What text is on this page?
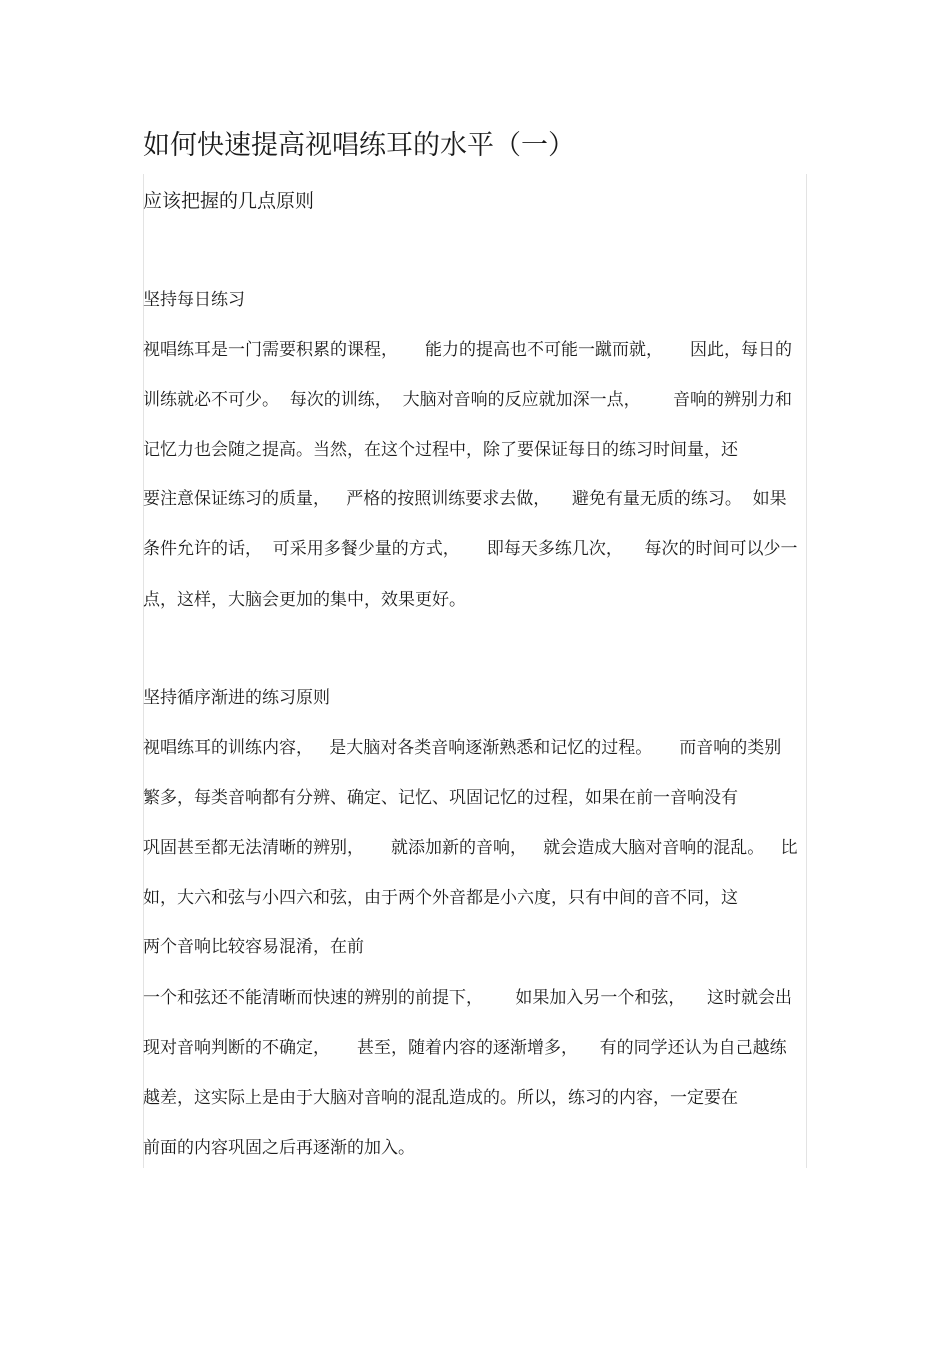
如何快速提高视唱练耳的水平（一）
应该把握的几点原则
坚持每日练习
视唱练耳是一门需要积累的课程，     能力的提高也不可能一蹴而就，     因此，每日的
训练就必不可少。  每次的训练，  大脑对音响的反应就加深一点，      音响的辨别力和
记忆力也会随之提高。当然，在这个过程中，除了要保证每日的练习时间量，还
要注意保证练习的质量，   严格的按照训练要求去做，    避免有量无质的练习。  如果
条件允许的话，  可采用多餐少量的方式，     即每天多练几次，    每次的时间可以少一
点，这样，大脑会更加的集中，效果更好。
坚持循序渐进的练习原则
视唱练耳的训练内容，   是大脑对各类音响逐渐熟悉和记忆的过程。     而音响的类别
繁多，每类音响都有分辨、确定、记忆、巩固记忆的过程，如果在前一音响没有
巩固甚至都无法清晰的辨别，     就添加新的音响，   就会造成大脑对音响的混乱。   比
如，大六和弦与小四六和弦，由于两个外音都是小六度，只有中间的音不同，这
两个音响比较容易混淆，在前
一个和弦还不能清晰而快速的辨别的前提下，      如果加入另一个和弦，    这时就会出
现对音响判断的不确定，     甚至，随着内容的逐渐增多，    有的同学还认为自己越练
越差，这实际上是由于大脑对音响的混乱造成的。所以，练习的内容，一定要在
前面的内容巩固之后再逐渐的加入。
